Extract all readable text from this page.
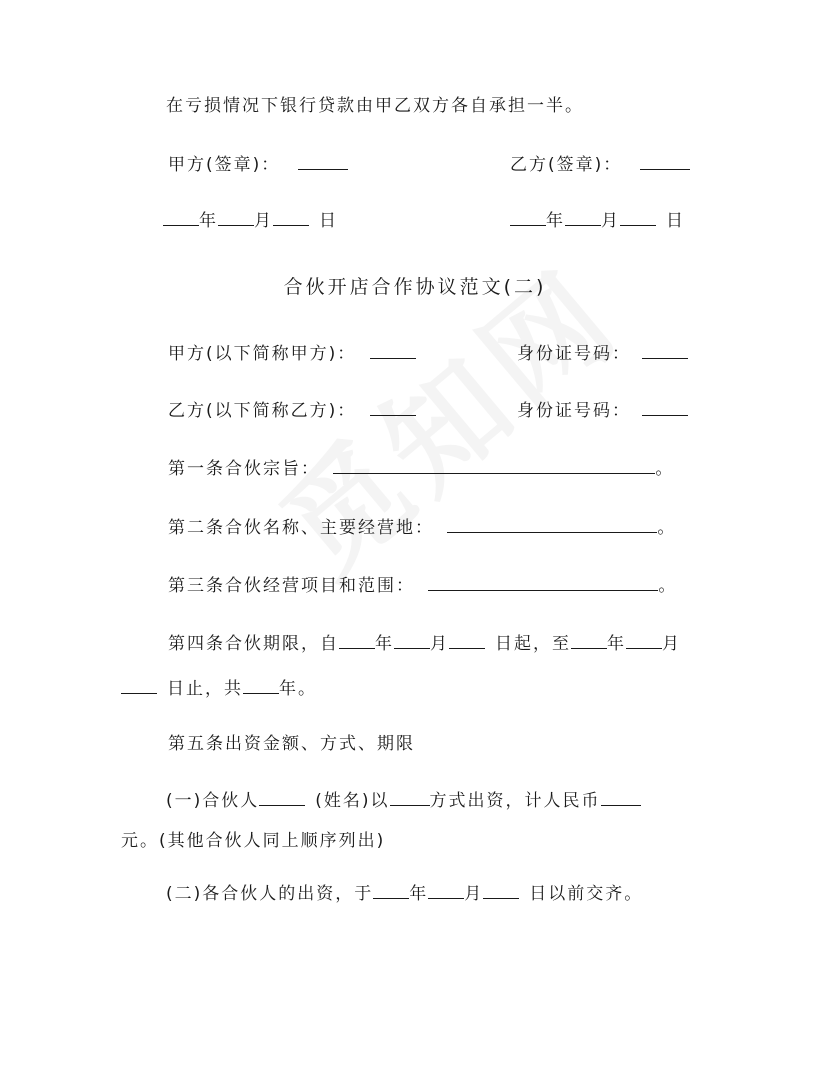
在亏损情况下银行贷款由甲乙双方各自承担一半。
甲方(签章)：	乙方(签章)：
年 月	日	年 月	日
合伙开店合作协议范文(二)
甲方(以下简称甲方)：	身份证号码：
乙方(以下简称乙方)：	身份证号码：
第一条合伙宗旨：	。
第二条合伙名称、主要经营地：	。
第三条合伙经营项目和范围：	。
第四条合伙期限，自 年 月	日起，至 年 月
日止，共 年。
第五条出资金额、方式、期限
(一)合伙人	(姓名)以 方式出资，计人民币
元。(其他合伙人同上顺序列出)
(二)各合伙人的出资，于 年 月	日以前交齐。
